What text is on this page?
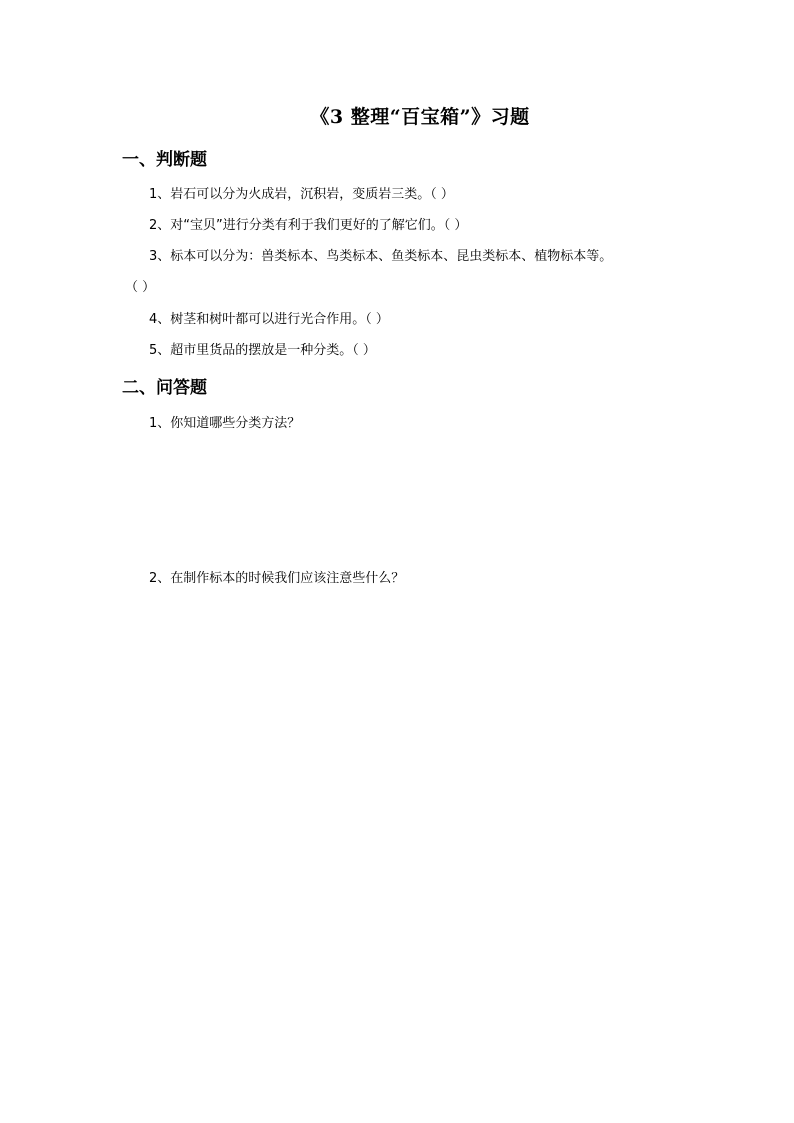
《3 整理“百宝箱”》习题
一、判断题
1、岩石可以分为火成岩，沉积岩，变质岩三类。（ ）
2、对“宝贝”进行分类有利于我们更好的了解它们。（ ）
3、标本可以分为：兽类标本、鸟类标本、鱼类标本、昆虫类标本、植物标本等。
（ ）
4、树茎和树叶都可以进行光合作用。（ ）
5、超市里货品的摆放是一种分类。（ ）
二、问答题
1、你知道哪些分类方法？
2、在制作标本的时候我们应该注意些什么？
